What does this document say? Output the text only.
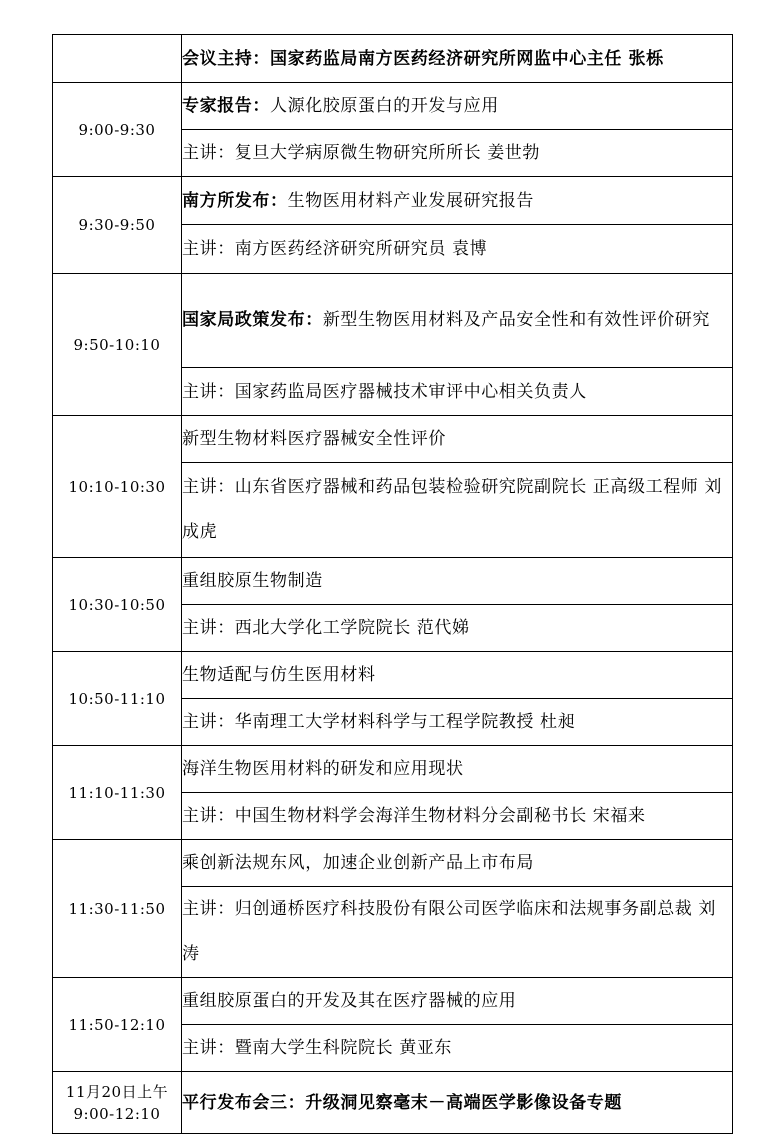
	会议主持：国家药监局南方医药经济研究所网监中心主任 张栎
9:00-9:30	专家报告：人源化胶原蛋白的开发与应用
	主讲：复旦大学病原微生物研究所所长 姜世勃
9:30-9:50	南方所发布：生物医用材料产业发展研究报告
	主讲：南方医药经济研究所研究员 袁博
9:50-10:10	国家局政策发布：新型生物医用材料及产品安全性和有效性评价研究
	主讲：国家药监局医疗器械技术审评中心相关负责人
10:10-10:30	新型生物材料医疗器械安全性评价
	主讲：山东省医疗器械和药品包装检验研究院副院长 正高级工程师 刘成虎
10:30-10:50	重组胶原生物制造
	主讲：西北大学化工学院院长 范代娣
10:50-11:10	生物适配与仿生医用材料
	主讲：华南理工大学材料科学与工程学院教授 杜昶
11:10-11:30	海洋生物医用材料的研发和应用现状
	主讲：中国生物材料学会海洋生物材料分会副秘书长 宋福来
11:30-11:50	乘创新法规东风，加速企业创新产品上市布局
	主讲：归创通桥医疗科技股份有限公司医学临床和法规事务副总裁 刘涛
11:50-12:10	重组胶原蛋白的开发及其在医疗器械的应用
	主讲：暨南大学生科院院长 黄亚东

11月20日上午
9:00-12:10	平行发布会三：升级洞见察毫末－高端医学影像设备专题
